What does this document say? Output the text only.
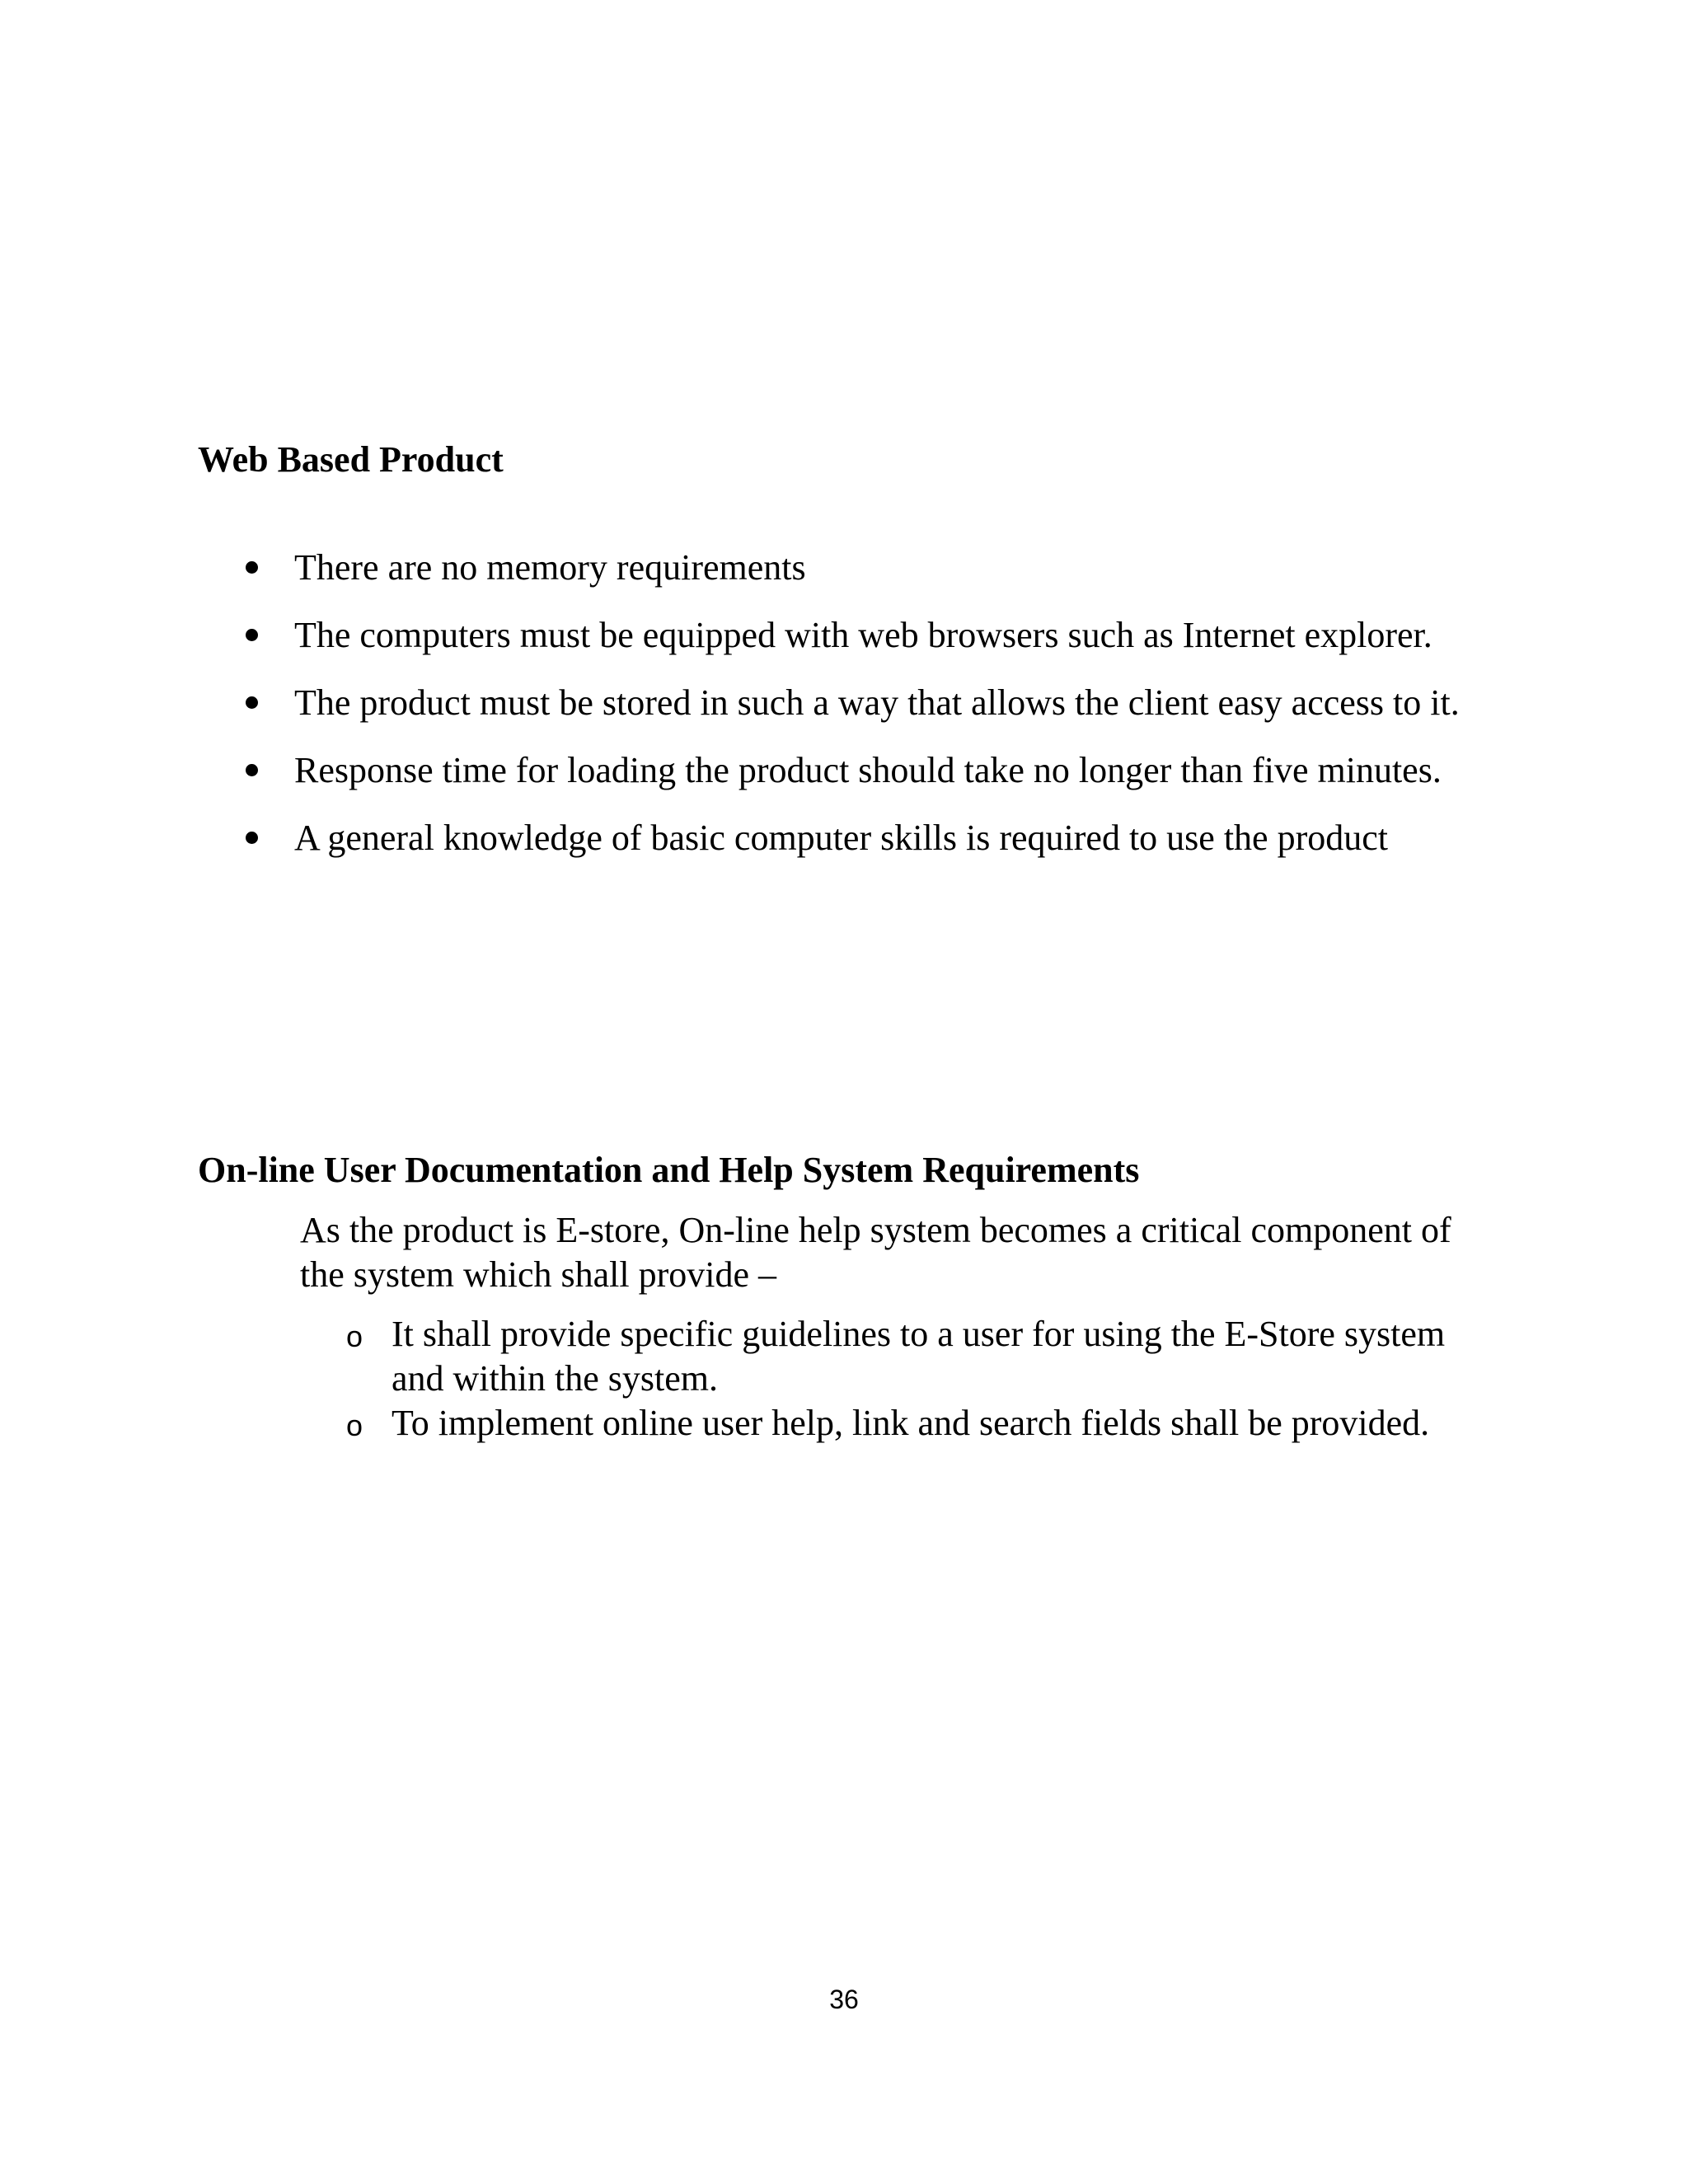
Web Based Product
There are no memory requirements
The computers must be equipped with web browsers such as Internet explorer.
The product must be stored in such a way that allows the client easy access to it.
Response time for loading the product should take no longer than five minutes.
A general knowledge of basic computer skills is required to use the product
On-line User Documentation and Help System Requirements

As the product is E-store, On-line help system becomes a critical component of the system which shall provide –

o It shall provide specific guidelines to a user for using the E-Store system and within the system.
o To implement online user help, link and search fields shall be provided.
36
